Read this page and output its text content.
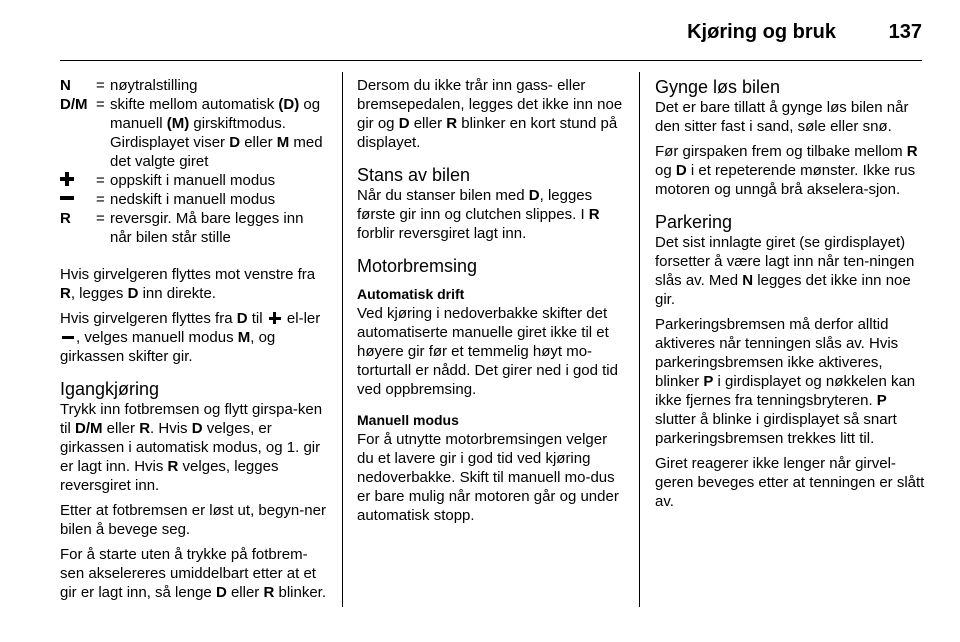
Kjøring og bruk	137
N	= nøytralstilling
D/M = skifte mellom automatisk (D) og manuell (M) girskiftmodus. Girdisplayet viser D eller M med det valgte giret
= oppskift i manuell modus
= nedskift i manuell modus
R	= reversgir. Må bare legges inn når bilen står stille

Hvis girvelgeren flyttes mot venstre fra R, legges D inn direkte.

Hvis girvelgeren flyttes fra D til
el-ler
, velges manuell modus M, og girkassen skifter gir.

Igangkjøring

Trykk inn fotbremsen og flytt girspa-ken til D/M eller R. Hvis D velges, er girkassen i automatisk modus, og 1. gir er lagt inn. Hvis R velges, legges reversgiret inn.

Etter at fotbremsen er løst ut, begyn-ner bilen å bevege seg.

For å starte uten å trykke på fotbrem-sen akselereres umiddelbart etter at et gir er lagt inn, så lenge D eller R blinker.

Dersom du ikke trår inn gass- eller bremsepedalen, legges det ikke inn noe gir og D eller R blinker en kort stund på displayet.

Stans av bilen

Når du stanser bilen med D, legges første gir inn og clutchen slippes. I R forblir reversgiret lagt inn.

Motorbremsing
Automatisk drift

Ved kjøring i nedoverbakke skifter det automatiserte manuelle giret ikke til et høyere gir før et temmelig høyt mo-torturtall er nådd. Det girer ned i god tid ved oppbremsing.

Manuell modus

For å utnytte motorbremsingen velger du et lavere gir i god tid ved kjøring nedoverbakke. Skift til manuell mo-dus er bare mulig når motoren går og under automatisk stopp.

Gynge løs bilen

Det er bare tillatt å gynge løs bilen når den sitter fast i sand, søle eller snø.

Før girspaken frem og tilbake mellom R og D i et repeterende mønster. Ikke rus motoren og unngå brå akselera-sjon.

Parkering

Det sist innlagte giret (se girdisplayet) forsetter å være lagt inn når ten-ningen slås av. Med N legges det ikke inn noe gir.

Parkeringsbremsen må derfor alltid aktiveres når tenningen slås av. Hvis parkeringsbremsen ikke aktiveres, blinker P i girdisplayet og nøkkelen kan ikke fjernes fra tenningsbryteren. P slutter å blinke i girdisplayet så snart parkeringsbremsen trekkes litt til.

Giret reagerer ikke lenger når girvel-geren beveges etter at tenningen er slått av.
